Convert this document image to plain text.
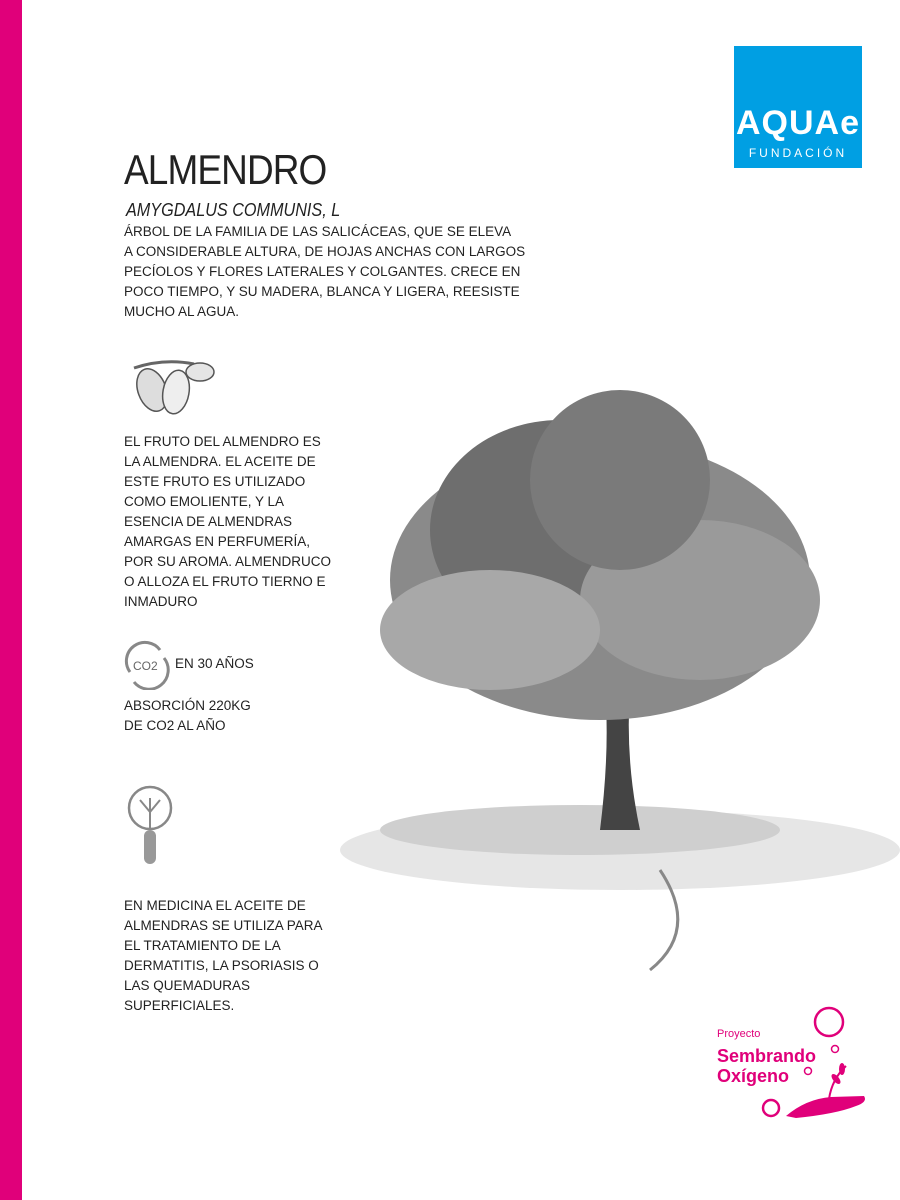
AQUAe
FUNDACIÓN
ALMENDRO
AMYGDALUS COMMUNIS, L
ÁRBOL DE LA FAMILIA DE LAS SALICÁCEAS, QUE SE ELEVA
A CONSIDERABLE ALTURA, DE HOJAS ANCHAS CON LARGOS
PECÍOLOS Y FLORES LATERALES Y COLGANTES. CRECE EN
POCO TIEMPO, Y SU MADERA, BLANCA Y LIGERA, REESISTE
MUCHO AL AGUA.
EL FRUTO DEL ALMENDRO ES
LA ALMENDRA. EL ACEITE DE
ESTE FRUTO ES UTILIZADO
COMO EMOLIENTE, Y LA
ESENCIA DE ALMENDRAS
AMARGAS EN PERFUMERÍA,
POR SU AROMA. ALMENDRUCO
O ALLOZA EL FRUTO TIERNO E
INMADURO
CO2 EN 30 AÑOS
ABSORCIÓN 220KG
DE CO2 AL AÑO
EN MEDICINA EL ACEITE DE
ALMENDRAS SE UTILIZA PARA
EL TRATAMIENTO DE LA
DERMATITIS, LA PSORIASIS O
LAS QUEMADURAS
SUPERFICIALES.
Proyecto
Sembrando
Oxígeno
